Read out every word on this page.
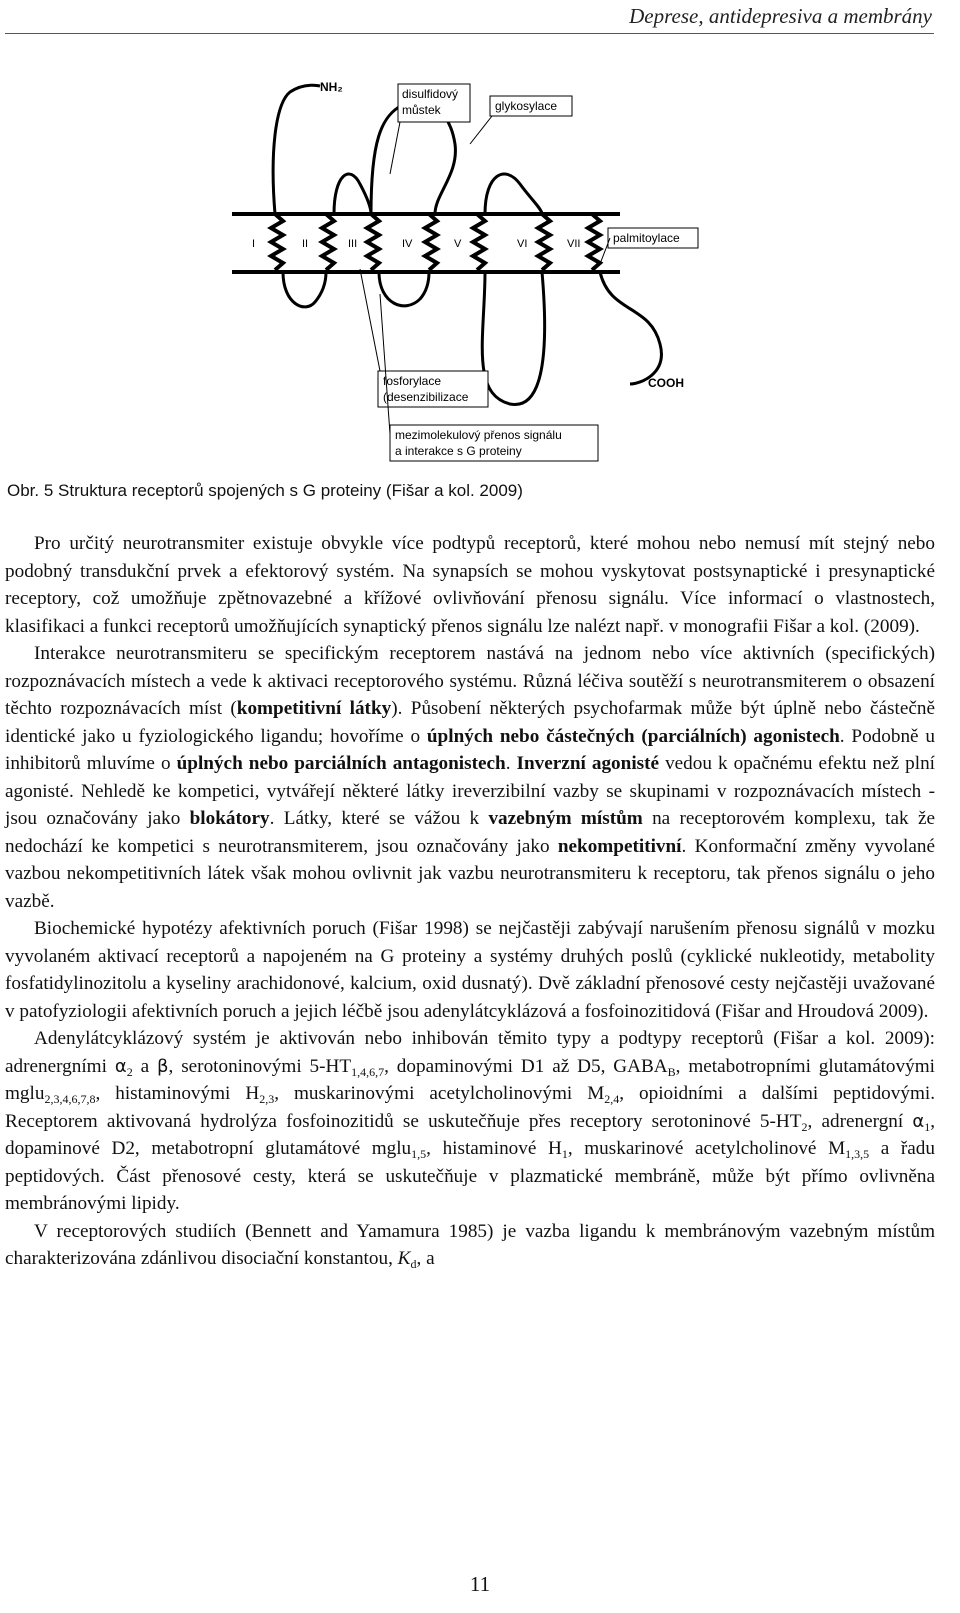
Deprese, antidepresiva a membrány
I	II	III	IV	V	VI	VII
NH₂	disulfidový
můstek	glykosylace
palmitoylace
COOH
fosforylace
(desenzibilizace
mezimolekulový přenos signálu
a interakce s G proteiny
Obr. 5 Struktura receptorů spojených s G proteiny (Fišar a kol. 2009)

Pro určitý neurotransmiter existuje obvykle více podtypů receptorů, které mohou nebo nemusí mít stejný nebo podobný transdukční prvek a efektorový systém. Na synapsích se mohou vyskytovat postsynaptické i presynaptické receptory, což umožňuje zpětnovazebné a křížové ovlivňování přenosu signálu. Více informací o vlastnostech, klasifikaci a funkci receptorů umožňujících synaptický přenos signálu lze nalézt např. v monografii Fišar a kol. (2009).

Interakce neurotransmiteru se specifickým receptorem nastává na jednom nebo více aktivních (specifických) rozpoznávacích místech a vede k aktivaci receptorového systému. Různá léčiva soutěží s neurotransmiterem o obsazení těchto rozpoznávacích míst (kompetitivní látky). Působení některých psychofarmak může být úplně nebo částečně identické jako u fyziologického ligandu; hovoříme o úplných nebo částečných (parciálních) agonistech. Podobně u inhibitorů mluvíme o úplných nebo parciálních antagonistech. Inverzní agonisté vedou k opačnému efektu než plní agonisté. Nehledě ke kompetici, vytvářejí některé látky ireverzibilní vazby se skupinami v rozpoznávacích místech - jsou označovány jako blokátory. Látky, které se vážou k vazebným místům na receptorovém komplexu, tak že nedochází ke kompetici s neurotransmiterem, jsou označovány jako nekompetitivní. Konformační změny vyvolané vazbou nekompetitivních látek však mohou ovlivnit jak vazbu neurotransmiteru k receptoru, tak přenos signálu o jeho vazbě.

Biochemické hypotézy afektivních poruch (Fišar 1998) se nejčastěji zabývají narušením přenosu signálů v mozku vyvolaném aktivací receptorů a napojeném na G proteiny a systémy druhých poslů (cyklické nukleotidy, metabolity fosfatidylinozitolu a kyseliny arachidonové, kalcium, oxid dusnatý). Dvě základní přenosové cesty nejčastěji uvažované v patofyziologii afektivních poruch a jejich léčbě jsou adenylátcyklázová a fosfoinozitidová (Fišar and Hroudová 2009).

Adenylátcyklázový systém je aktivován nebo inhibován těmito typy a podtypy receptorů (Fišar a kol. 2009): adrenergními $\alpha_2$ a β, serotoninovými $5-HT_{1,4,6,7}$, dopaminovými D1 až D5, $GABA_B$, metabotropními glutamátovými mglu$_{2,3,4,6,7,8}$, histaminovými $H_{2,3}$, muskarinovými acetylcholinovými $M_{2,4}$, opioidními a dalšími peptidovými. Receptorem aktivovaná hydrolýza fosfoinozitidů se uskutečňuje přes receptory serotoninové $5-HT_2$, adrenergní $\alpha_1$, dopaminové D2, metabotropní glutamátové mglu$_{1,5}$, histaminové $H_1$, muskarinové acetylcholinové $M_{1,3,5}$ a řadu peptidových. Část přenosové cesty, která se uskutečňuje v plazmatické membráně, může být přímo ovlivněna membránovými lipidy.

V receptorových studiích (Bennett and Yamamura 1985) je vazba ligandu k membránovým vazebným místům charakterizována zdánlivou disociační konstantou, $K_d$, a

11
